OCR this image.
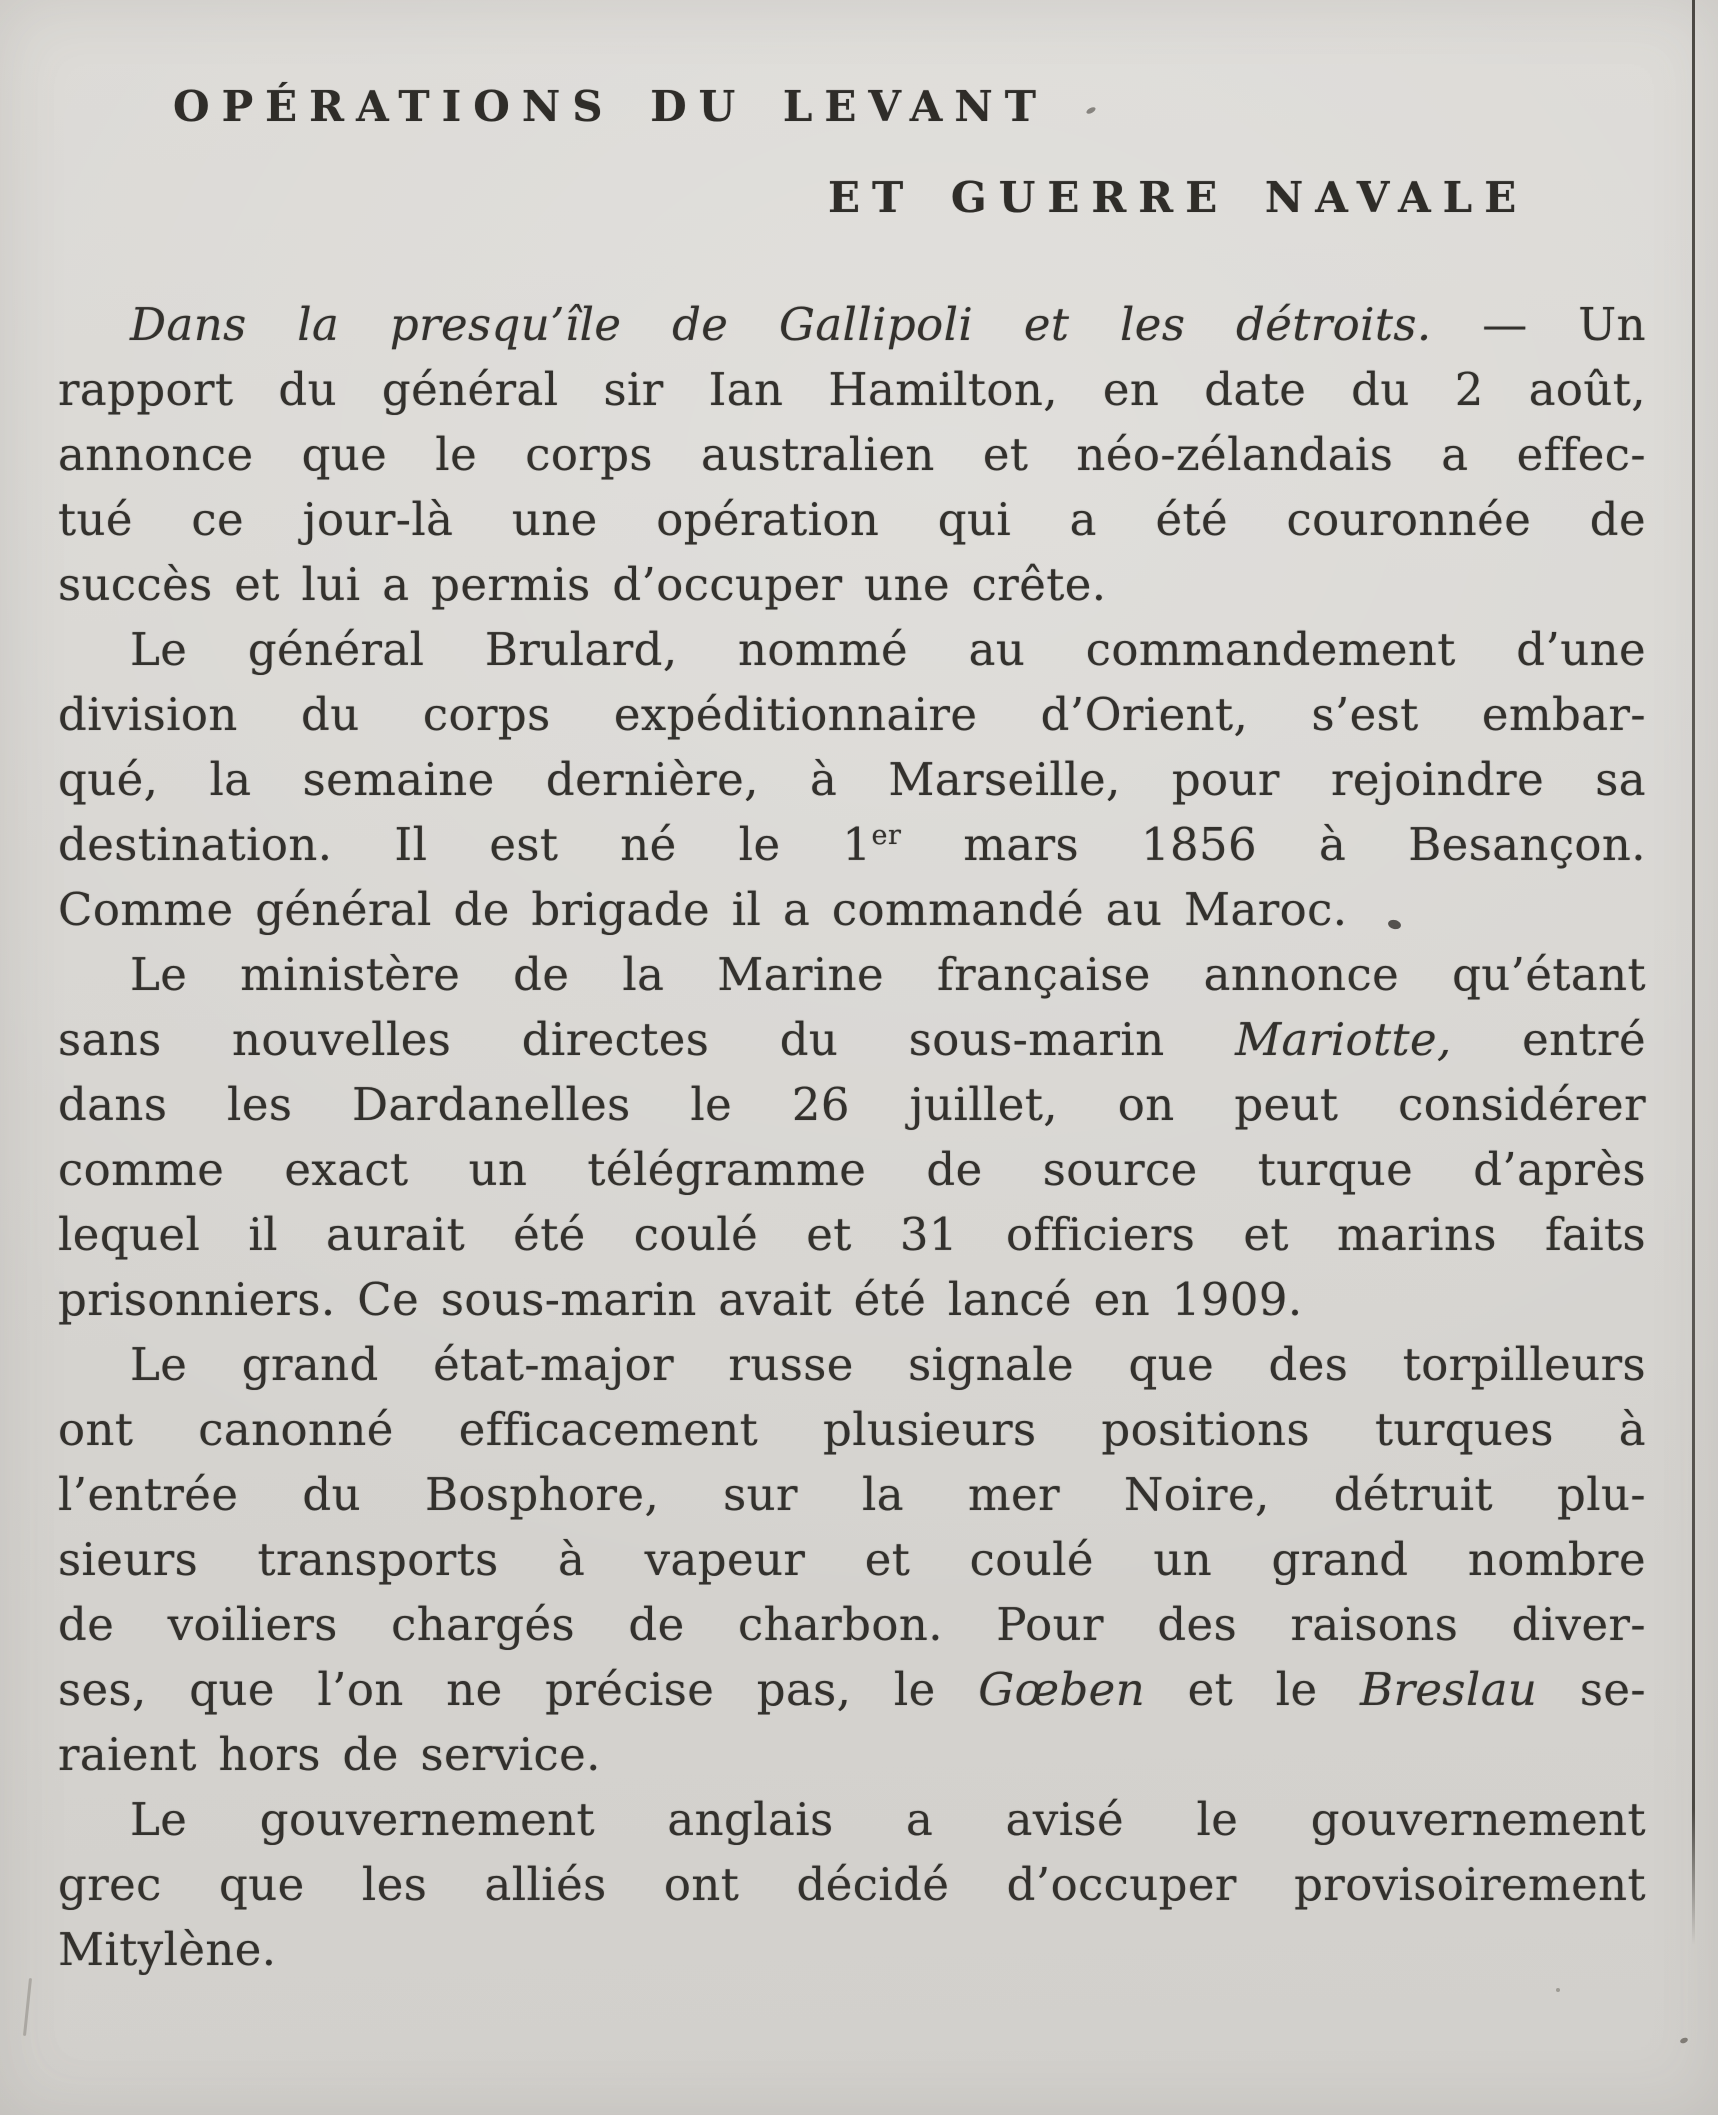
OPÉRATIONS DU LEVANT
ET GUERRE NAVALE
Dans la presqu’île de Gallipoli et les détroits. — Un
rapport du général sir Ian Hamilton, en date du 2 août,
annonce que le corps australien et néo-zélandais a effec-
tué ce jour-là une opération qui a été couronnée de
succès et lui a permis d’occuper une crête.
Le général Brulard, nommé au commandement d’une
division du corps expéditionnaire d’Orient, s’est embar-
qué, la semaine dernière, à Marseille, pour rejoindre sa
destination. Il est né le 1er mars 1856 à Besançon.
Comme général de brigade il a commandé au Maroc.
Le ministère de la Marine française annonce qu’étant
sans nouvelles directes du sous-marin Mariotte, entré
dans les Dardanelles le 26 juillet, on peut considérer
comme exact un télégramme de source turque d’après
lequel il aurait été coulé et 31 officiers et marins faits
prisonniers. Ce sous-marin avait été lancé en 1909.
Le grand état-major russe signale que des torpilleurs
ont canonné efficacement plusieurs positions turques à
l’entrée du Bosphore, sur la mer Noire, détruit plu-
sieurs transports à vapeur et coulé un grand nombre
de voiliers chargés de charbon. Pour des raisons diver-
ses, que l’on ne précise pas, le Gœben et le Breslau se-
raient hors de service.
Le gouvernement anglais a avisé le gouvernement
grec que les alliés ont décidé d’occuper provisoirement
Mitylène.
